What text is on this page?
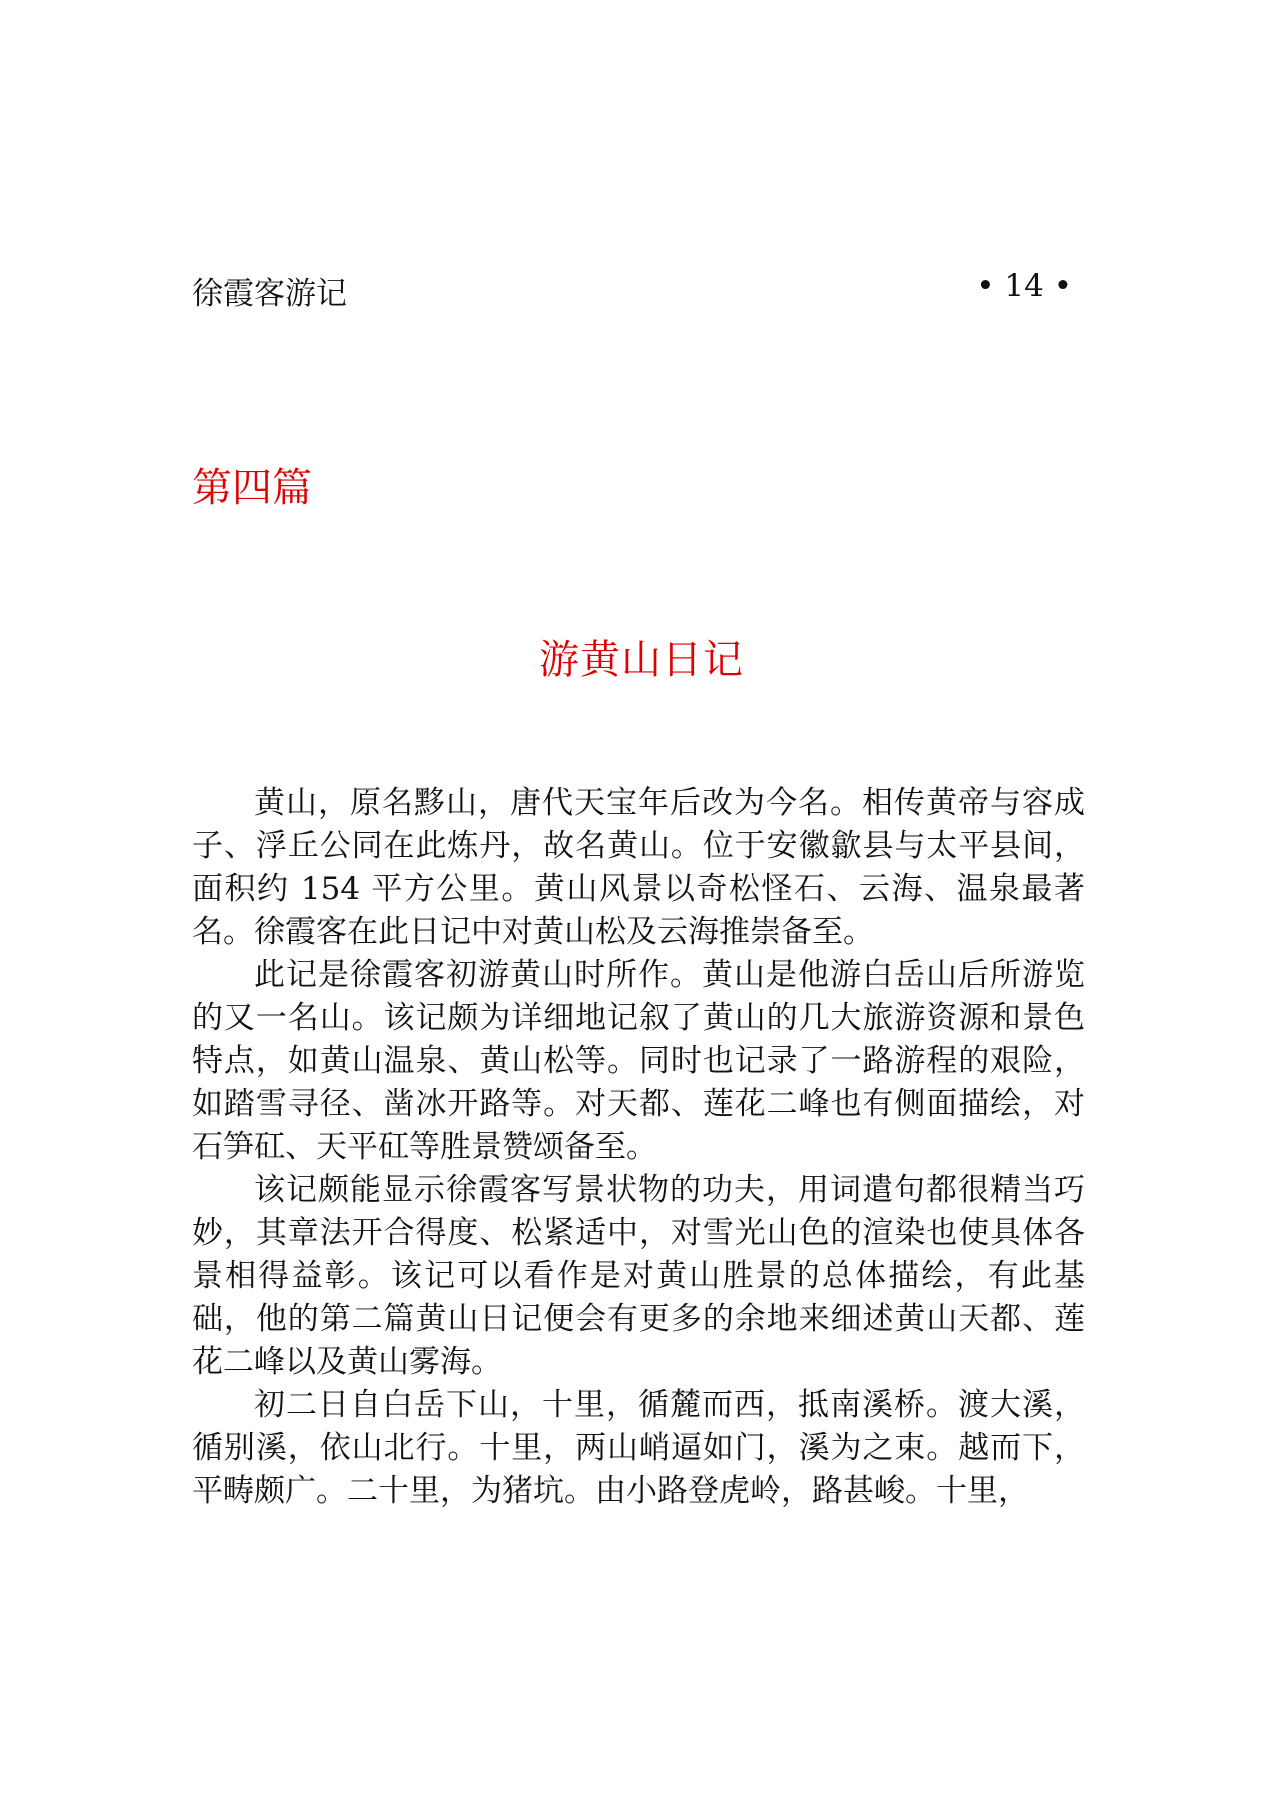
徐霞客游记	• 14 •
第四篇
游黄山日记

黄山，原名黟山，唐代天宝年后改为今名。相传黄帝与容成子、浮丘公同在此炼丹，故名黄山。位于安徽歙县与太平县间，面积约 154 平方公里。黄山风景以奇松怪石、云海、温泉最著名。徐霞客在此日记中对黄山松及云海推崇备至。

此记是徐霞客初游黄山时所作。黄山是他游白岳山后所游览的又一名山。该记颇为详细地记叙了黄山的几大旅游资源和景色特点，如黄山温泉、黄山松等。同时也记录了一路游程的艰险，如踏雪寻径、凿冰开路等。对天都、莲花二峰也有侧面描绘，对石笋矼、天平矼等胜景赞颂备至。

该记颇能显示徐霞客写景状物的功夫，用词遣句都很精当巧妙，其章法开合得度、松紧适中，对雪光山色的渲染也使具体各景相得益彰。该记可以看作是对黄山胜景的总体描绘，有此基础，他的第二篇黄山日记便会有更多的余地来细述黄山天都、莲花二峰以及黄山雾海。

初二日自白岳下山，十里，循麓而西，抵南溪桥。渡大溪，循别溪，依山北行。十里，两山峭逼如门，溪为之束。越而下，平畴颇广。二十里，为猪坑。由小路登虎岭，路甚峻。十里，
